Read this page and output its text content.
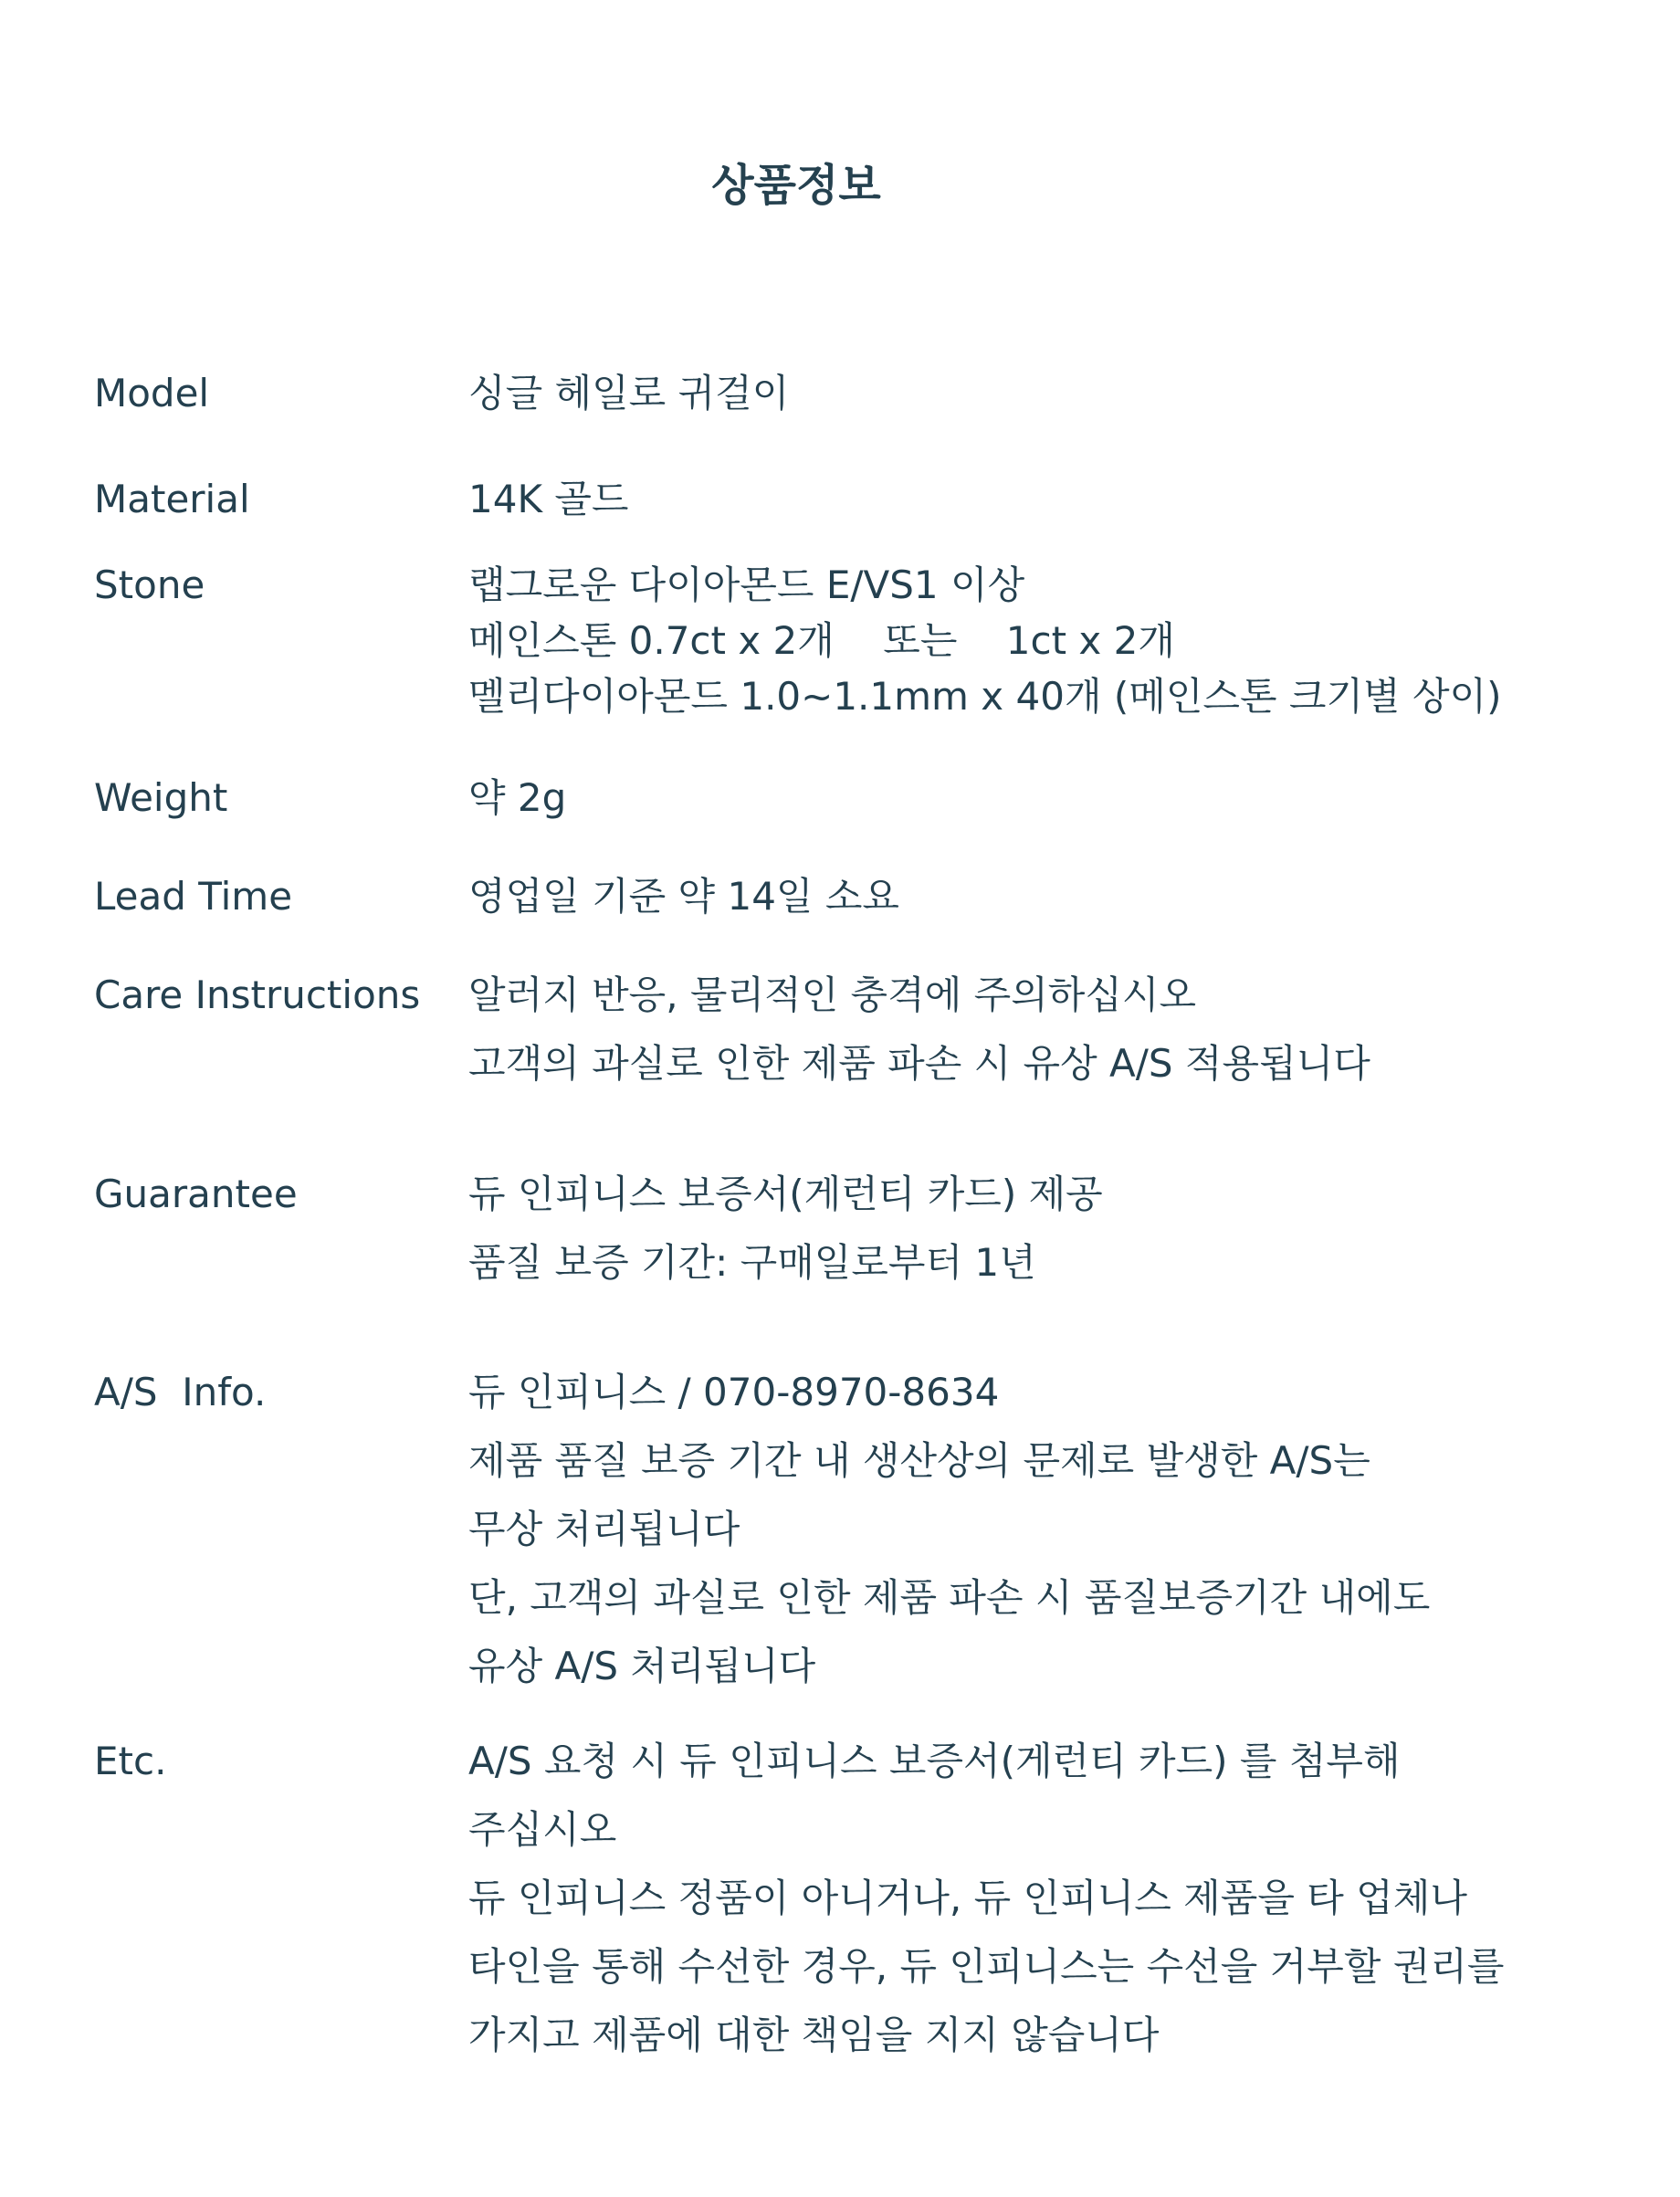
상품정보
Model	싱글 헤일로 귀걸이
Material	14K 골드
Stone	랩그로운 다이아몬드 E/VS1 이상
메인스톤 0.7ct x 2개    또는    1ct x 2개
멜리다이아몬드 1.0~1.1mm x 40개 (메인스톤 크기별 상이)
Weight	약 2g
Lead Time	영업일 기준 약 14일 소요
Care Instructions	알러지 반응, 물리적인 충격에 주의하십시오
고객의 과실로 인한 제품 파손 시 유상 A/S 적용됩니다
Guarantee	듀 인피니스 보증서(게런티 카드) 제공
품질 보증 기간: 구매일로부터 1년
A/S  Info.	듀 인피니스 / 070-8970-8634
제품 품질 보증 기간 내 생산상의 문제로 발생한 A/S는
무상 처리됩니다
단, 고객의 과실로 인한 제품 파손 시 품질보증기간 내에도
유상 A/S 처리됩니다
Etc.	A/S 요청 시 듀 인피니스 보증서(게런티 카드) 를 첨부해
주십시오
듀 인피니스 정품이 아니거나, 듀 인피니스 제품을 타 업체나
타인을 통해 수선한 경우, 듀 인피니스는 수선을 거부할 권리를
가지고 제품에 대한 책임을 지지 않습니다
